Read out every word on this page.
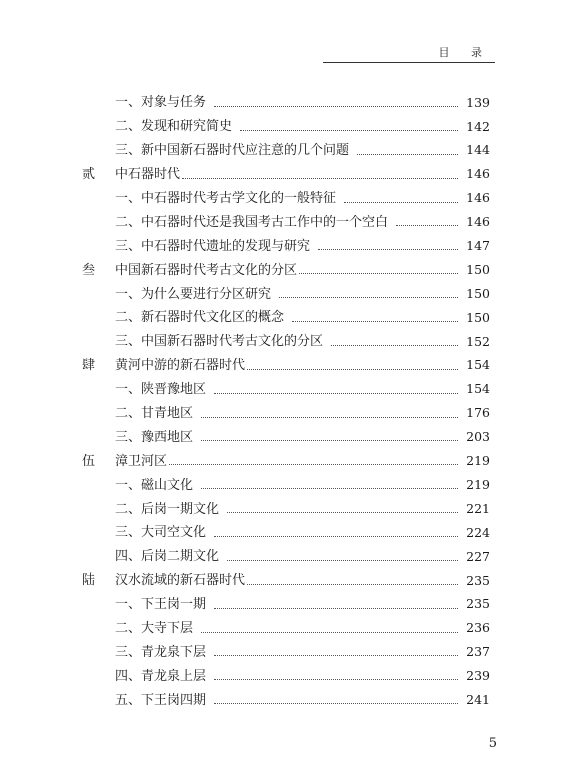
目 录
一、对象与任务	139
二、发现和研究简史	142
三、新中国新石器时代应注意的几个问题	144
贰	中石器时代	146
一、中石器时代考古学文化的一般特征	146
二、中石器时代还是我国考古工作中的一个空白	146
三、中石器时代遗址的发现与研究	147
叁	中国新石器时代考古文化的分区	150
一、为什么要进行分区研究	150
二、新石器时代文化区的概念	150
三、中国新石器时代考古文化的分区	152
肆	黄河中游的新石器时代	154
一、陕晋豫地区	154
二、甘青地区	176
三、豫西地区	203
伍	漳卫河区	219
一、磁山文化	219
二、后岗一期文化	221
三、大司空文化	224
四、后岗二期文化	227
陆	汉水流域的新石器时代	235
一、下王岗一期	235
二、大寺下层	236
三、青龙泉下层	237
四、青龙泉上层	239
五、下王岗四期	241
5
